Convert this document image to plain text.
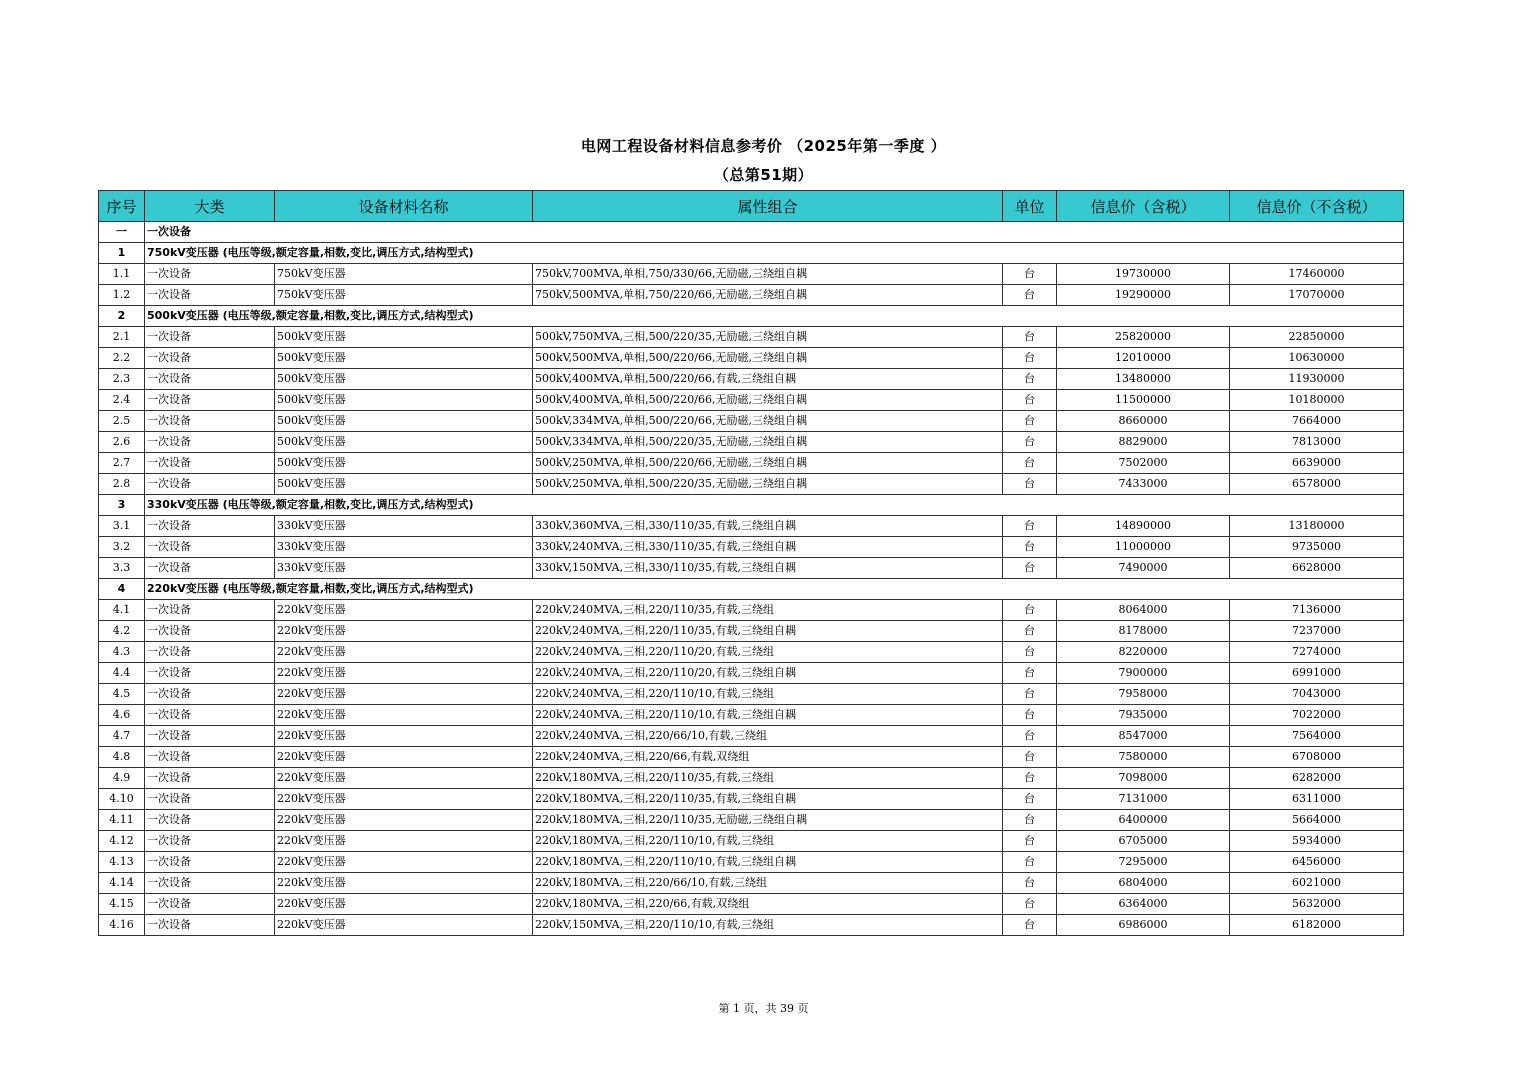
电网工程设备材料信息参考价 （2025年第一季度 ）
（总第51期）
序号	大类	设备材料名称	属性组合	单位	信息价（含税）	信息价（不含税）
一	一次设备					
1	750kV变压器 (电压等级,额定容量,相数,变比,调压方式,结构型式)					
1.1	一次设备	750kV变压器	750kV,700MVA,单相,750/330/66,无励磁,三绕组自耦	台	19730000	17460000
1.2	一次设备	750kV变压器	750kV,500MVA,单相,750/220/66,无励磁,三绕组自耦	台	19290000	17070000
2	500kV变压器 (电压等级,额定容量,相数,变比,调压方式,结构型式)					
2.1	一次设备	500kV变压器	500kV,750MVA,三相,500/220/35,无励磁,三绕组自耦	台	25820000	22850000
2.2	一次设备	500kV变压器	500kV,500MVA,单相,500/220/66,无励磁,三绕组自耦	台	12010000	10630000
2.3	一次设备	500kV变压器	500kV,400MVA,单相,500/220/66,有载,三绕组自耦	台	13480000	11930000
2.4	一次设备	500kV变压器	500kV,400MVA,单相,500/220/66,无励磁,三绕组自耦	台	11500000	10180000
2.5	一次设备	500kV变压器	500kV,334MVA,单相,500/220/66,无励磁,三绕组自耦	台	8660000	7664000
2.6	一次设备	500kV变压器	500kV,334MVA,单相,500/220/35,无励磁,三绕组自耦	台	8829000	7813000
2.7	一次设备	500kV变压器	500kV,250MVA,单相,500/220/66,无励磁,三绕组自耦	台	7502000	6639000
2.8	一次设备	500kV变压器	500kV,250MVA,单相,500/220/35,无励磁,三绕组自耦	台	7433000	6578000
3	330kV变压器 (电压等级,额定容量,相数,变比,调压方式,结构型式)					
3.1	一次设备	330kV变压器	330kV,360MVA,三相,330/110/35,有载,三绕组自耦	台	14890000	13180000
3.2	一次设备	330kV变压器	330kV,240MVA,三相,330/110/35,有载,三绕组自耦	台	11000000	9735000
3.3	一次设备	330kV变压器	330kV,150MVA,三相,330/110/35,有载,三绕组自耦	台	7490000	6628000
4	220kV变压器 (电压等级,额定容量,相数,变比,调压方式,结构型式)					
4.1	一次设备	220kV变压器	220kV,240MVA,三相,220/110/35,有载,三绕组	台	8064000	7136000
4.2	一次设备	220kV变压器	220kV,240MVA,三相,220/110/35,有载,三绕组自耦	台	8178000	7237000
4.3	一次设备	220kV变压器	220kV,240MVA,三相,220/110/20,有载,三绕组	台	8220000	7274000
4.4	一次设备	220kV变压器	220kV,240MVA,三相,220/110/20,有载,三绕组自耦	台	7900000	6991000
4.5	一次设备	220kV变压器	220kV,240MVA,三相,220/110/10,有载,三绕组	台	7958000	7043000
4.6	一次设备	220kV变压器	220kV,240MVA,三相,220/110/10,有载,三绕组自耦	台	7935000	7022000
4.7	一次设备	220kV变压器	220kV,240MVA,三相,220/66/10,有载,三绕组	台	8547000	7564000
4.8	一次设备	220kV变压器	220kV,240MVA,三相,220/66,有载,双绕组	台	7580000	6708000
4.9	一次设备	220kV变压器	220kV,180MVA,三相,220/110/35,有载,三绕组	台	7098000	6282000
4.10	一次设备	220kV变压器	220kV,180MVA,三相,220/110/35,有载,三绕组自耦	台	7131000	6311000
4.11	一次设备	220kV变压器	220kV,180MVA,三相,220/110/35,无励磁,三绕组自耦	台	6400000	5664000
4.12	一次设备	220kV变压器	220kV,180MVA,三相,220/110/10,有载,三绕组	台	6705000	5934000
4.13	一次设备	220kV变压器	220kV,180MVA,三相,220/110/10,有载,三绕组自耦	台	7295000	6456000
4.14	一次设备	220kV变压器	220kV,180MVA,三相,220/66/10,有载,三绕组	台	6804000	6021000
4.15	一次设备	220kV变压器	220kV,180MVA,三相,220/66,有载,双绕组	台	6364000	5632000
4.16	一次设备	220kV变压器	220kV,150MVA,三相,220/110/10,有载,三绕组	台	6986000	6182000
第 1 页，共 39 页
